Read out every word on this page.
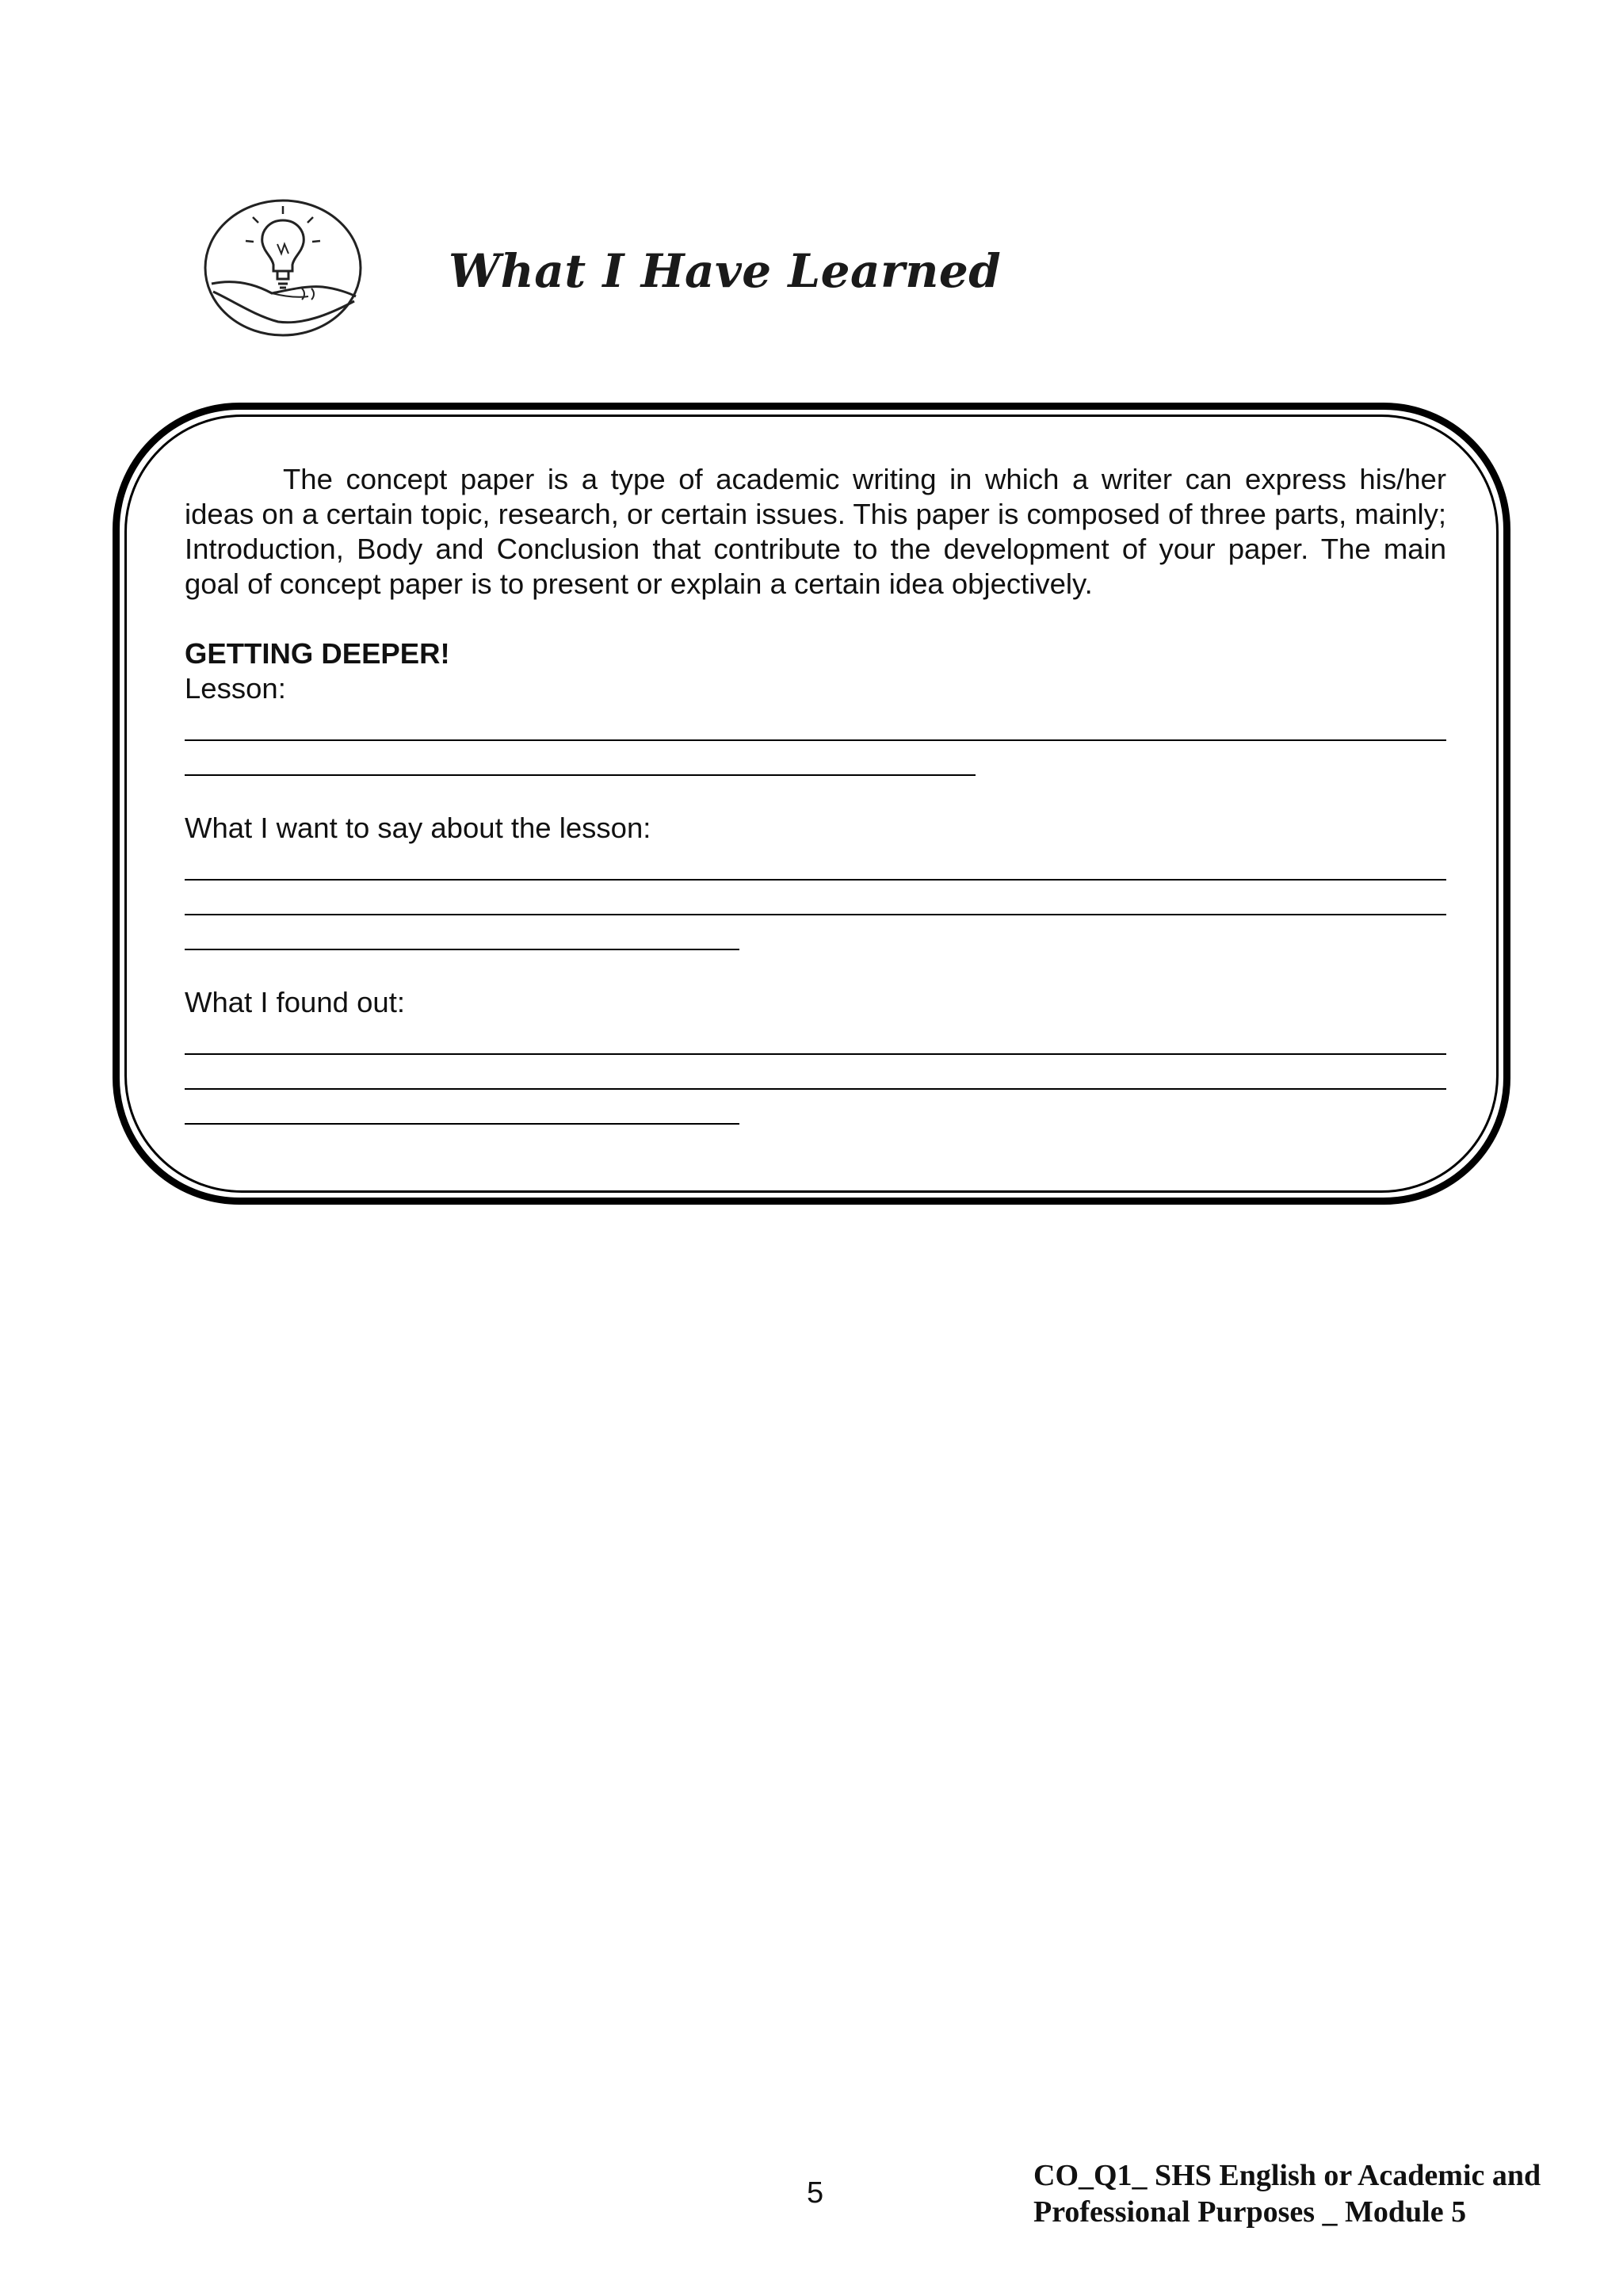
What I Have Learned

The concept paper is a type of academic writing in which a writer can express his/her ideas on a certain topic, research, or certain issues. This paper is composed of three parts, mainly; Introduction, Body and Conclusion that contribute to the development of your paper. The main goal of concept paper is to present or explain a certain idea objectively.

GETTING DEEPER!
Lesson:
What I want to say about the lesson:
What I found out:
5
CO_Q1_ SHS English or Academic and
Professional Purposes _ Module 5
